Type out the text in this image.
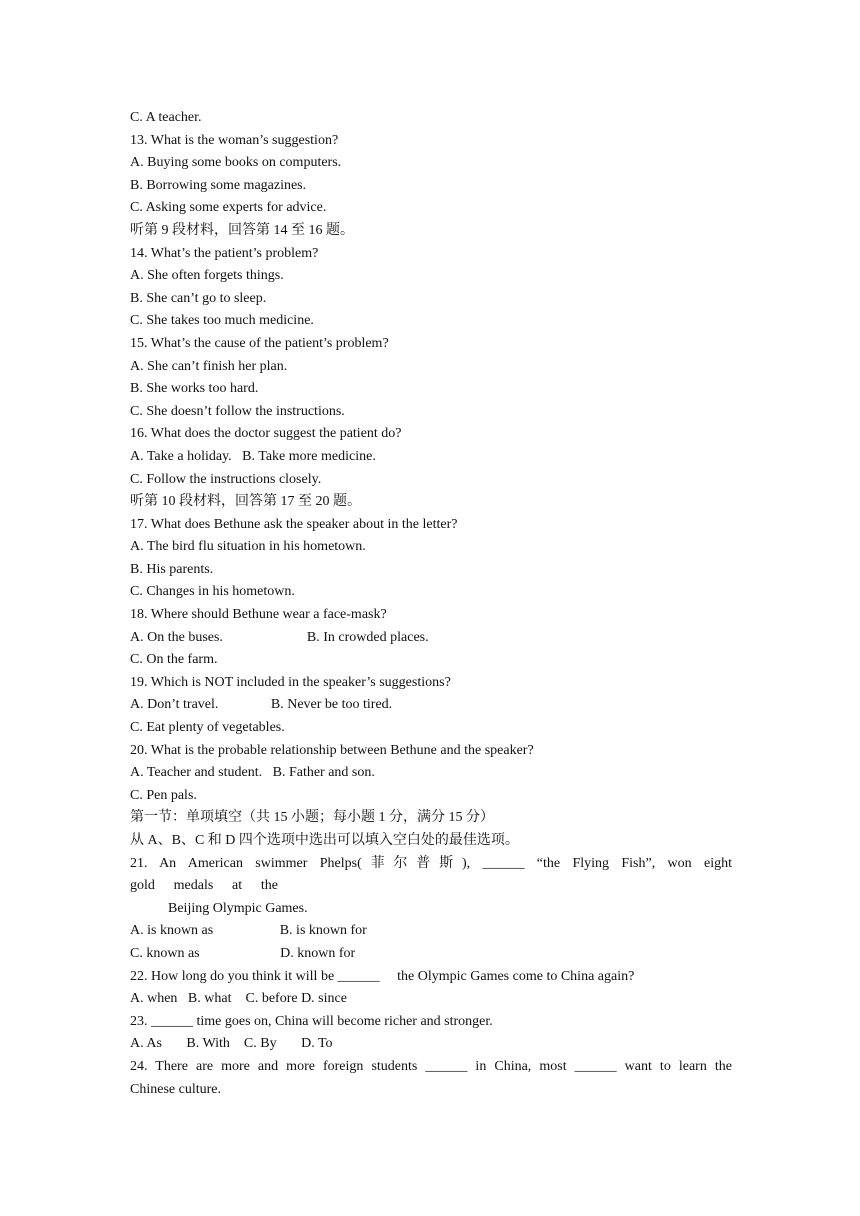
C. A teacher.
13. What is the woman’s suggestion?
A. Buying some books on computers.
B. Borrowing some magazines.
C. Asking some experts for advice.
听第 9 段材料，回答第 14 至 16 题。
14. What’s the patient’s problem?
A. She often forgets things.
B. She can’t go to sleep.
C. She takes too much medicine.
15. What’s the cause of the patient’s problem?
A. She can’t finish her plan.
B. She works too hard.
C. She doesn’t follow the instructions.
16. What does the doctor suggest the patient do?
A. Take a holiday.   B. Take more medicine.
C. Follow the instructions closely.
听第 10 段材料，回答第 17 至 20 题。
17. What does Bethune ask the speaker about in the letter?
A. The bird flu situation in his hometown.
B. His parents.
C. Changes in his hometown.
18. Where should Bethune wear a face-mask?
A. On the buses.                        B. In crowded places.
C. On the farm.
19. Which is NOT included in the speaker’s suggestions?
A. Don’t travel.               B. Never be too tired.
C. Eat plenty of vegetables.
20. What is the probable relationship between Bethune and the speaker?
A. Teacher and student.   B. Father and son.
C. Pen pals.
第一节：单项填空（共 15 小题；每小题 1 分，满分 15 分）
从 A、B、C 和 D 四个选项中选出可以填入空白处的最佳选项。
21. An American swimmer Phelps(菲尔普斯), ______ “the Flying Fish”, won eight
gold medals at the
Beijing Olympic Games.
A. is known as                   B. is known for
C. known as                       D. known for
22. How long do you think it will be ______     the Olympic Games come to China again?
A. when   B. what    C. before D. since
23. ______ time goes on, China will become richer and stronger.
A. As       B. With    C. By       D. To
24. There are more and more foreign students ______ in China, most ______ want to learn the
Chinese culture.
